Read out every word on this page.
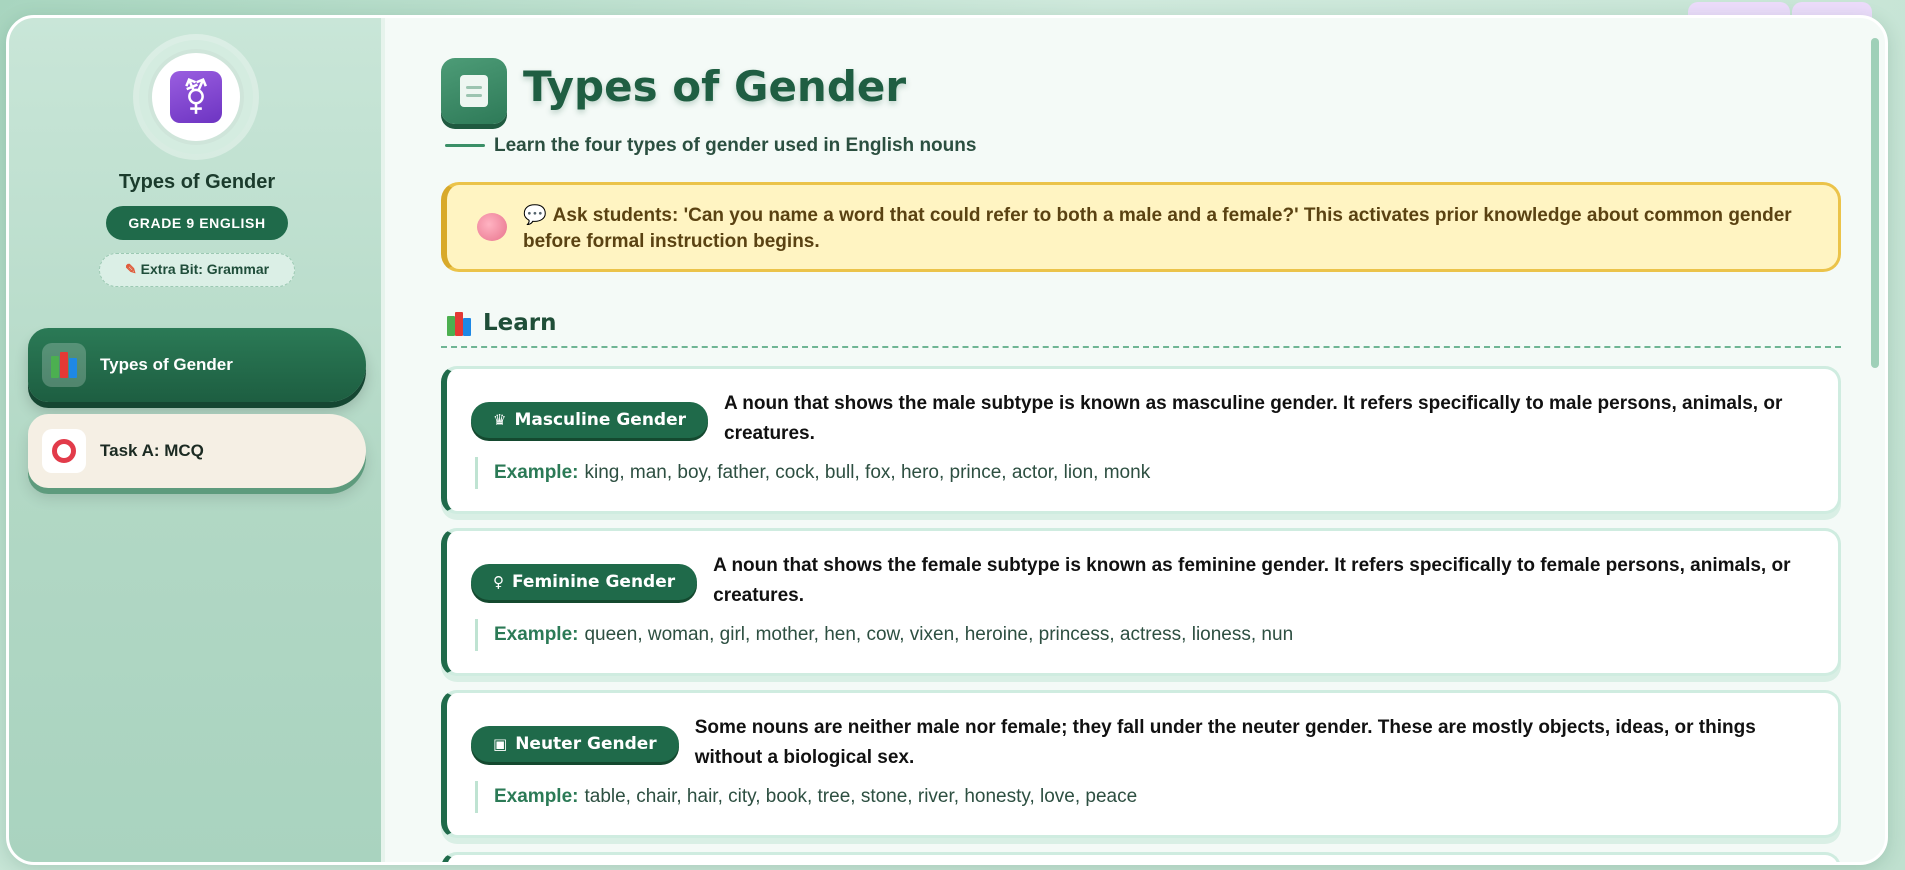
⚧
Types of Gender
GRADE 9 ENGLISH
✎ Extra Bit: Grammar
Types of Gender
Task A: MCQ
Types of Gender
Learn the four types of gender used in English nouns
💬 Ask students: 'Can you name a word that could refer to both a male and a female?' This activates prior knowledge about common gender before formal instruction begins.
Learn
♛ Masculine Gender
A noun that shows the male subtype is known as masculine gender. It refers specifically to male persons, animals, or creatures.
Example: king, man, boy, father, cock, bull, fox, hero, prince, actor, lion, monk
♀ Feminine Gender
A noun that shows the female subtype is known as feminine gender. It refers specifically to female persons, animals, or creatures.
Example: queen, woman, girl, mother, hen, cow, vixen, heroine, princess, actress, lioness, nun
▣ Neuter Gender
Some nouns are neither male nor female; they fall under the neuter gender. These are mostly objects, ideas, or things without a biological sex.
Example: table, chair, hair, city, book, tree, stone, river, honesty, love, peace
